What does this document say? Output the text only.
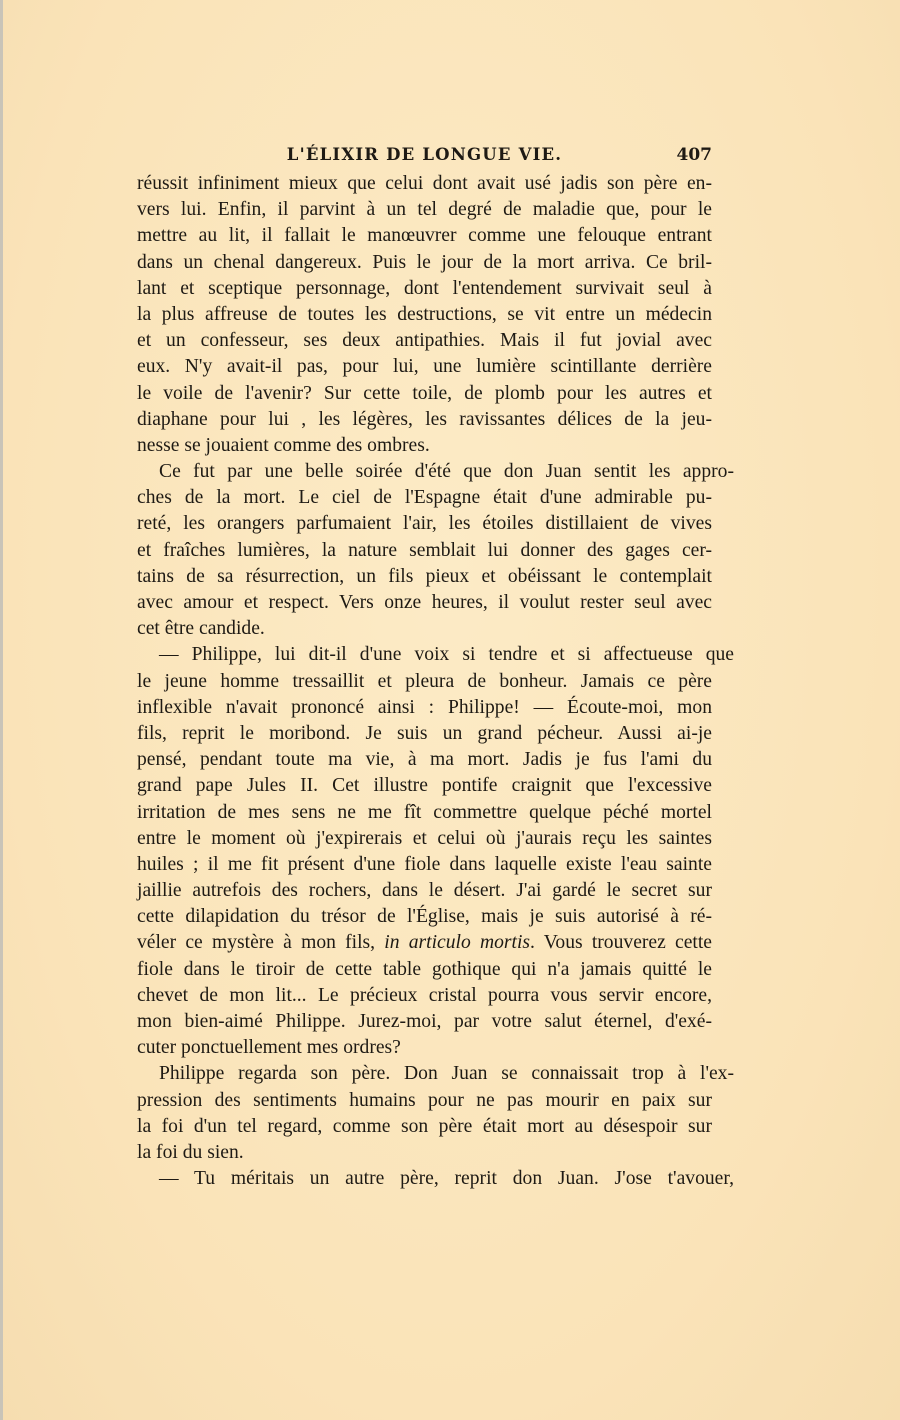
L'ÉLIXIR DE LONGUE VIE.	407
réussit infiniment mieux que celui dont avait usé jadis son père en-
vers lui. Enfin, il parvint à un tel degré de maladie que, pour le
mettre au lit, il fallait le manœuvrer comme une felouque entrant
dans un chenal dangereux. Puis le jour de la mort arriva. Ce bril-
lant et sceptique personnage, dont l'entendement survivait seul à
la plus affreuse de toutes les destructions, se vit entre un médecin
et un confesseur, ses deux antipathies. Mais il fut jovial avec
eux. N'y avait-il pas, pour lui, une lumière scintillante derrière
le voile de l'avenir? Sur cette toile, de plomb pour les autres et
diaphane pour lui , les légères, les ravissantes délices de la jeu-
nesse se jouaient comme des ombres.
Ce fut par une belle soirée d'été que don Juan sentit les appro-
ches de la mort. Le ciel de l'Espagne était d'une admirable pu-
reté, les orangers parfumaient l'air, les étoiles distillaient de vives
et fraîches lumières, la nature semblait lui donner des gages cer-
tains de sa résurrection, un fils pieux et obéissant le contemplait
avec amour et respect. Vers onze heures, il voulut rester seul avec
cet être candide.
— Philippe, lui dit-il d'une voix si tendre et si affectueuse que
le jeune homme tressaillit et pleura de bonheur. Jamais ce père
inflexible n'avait prononcé ainsi : Philippe! — Écoute-moi, mon
fils, reprit le moribond. Je suis un grand pécheur. Aussi ai-je
pensé, pendant toute ma vie, à ma mort. Jadis je fus l'ami du
grand pape Jules II. Cet illustre pontife craignit que l'excessive
irritation de mes sens ne me fît commettre quelque péché mortel
entre le moment où j'expirerais et celui où j'aurais reçu les saintes
huiles ; il me fit présent d'une fiole dans laquelle existe l'eau sainte
jaillie autrefois des rochers, dans le désert. J'ai gardé le secret sur
cette dilapidation du trésor de l'Église, mais je suis autorisé à ré-
véler ce mystère à mon fils, in articulo mortis. Vous trouverez cette
fiole dans le tiroir de cette table gothique qui n'a jamais quitté le
chevet de mon lit... Le précieux cristal pourra vous servir encore,
mon bien-aimé Philippe. Jurez-moi, par votre salut éternel, d'exé-
cuter ponctuellement mes ordres?
Philippe regarda son père. Don Juan se connaissait trop à l'ex-
pression des sentiments humains pour ne pas mourir en paix sur
la foi d'un tel regard, comme son père était mort au désespoir sur
la foi du sien.
— Tu méritais un autre père, reprit don Juan. J'ose t'avouer,
